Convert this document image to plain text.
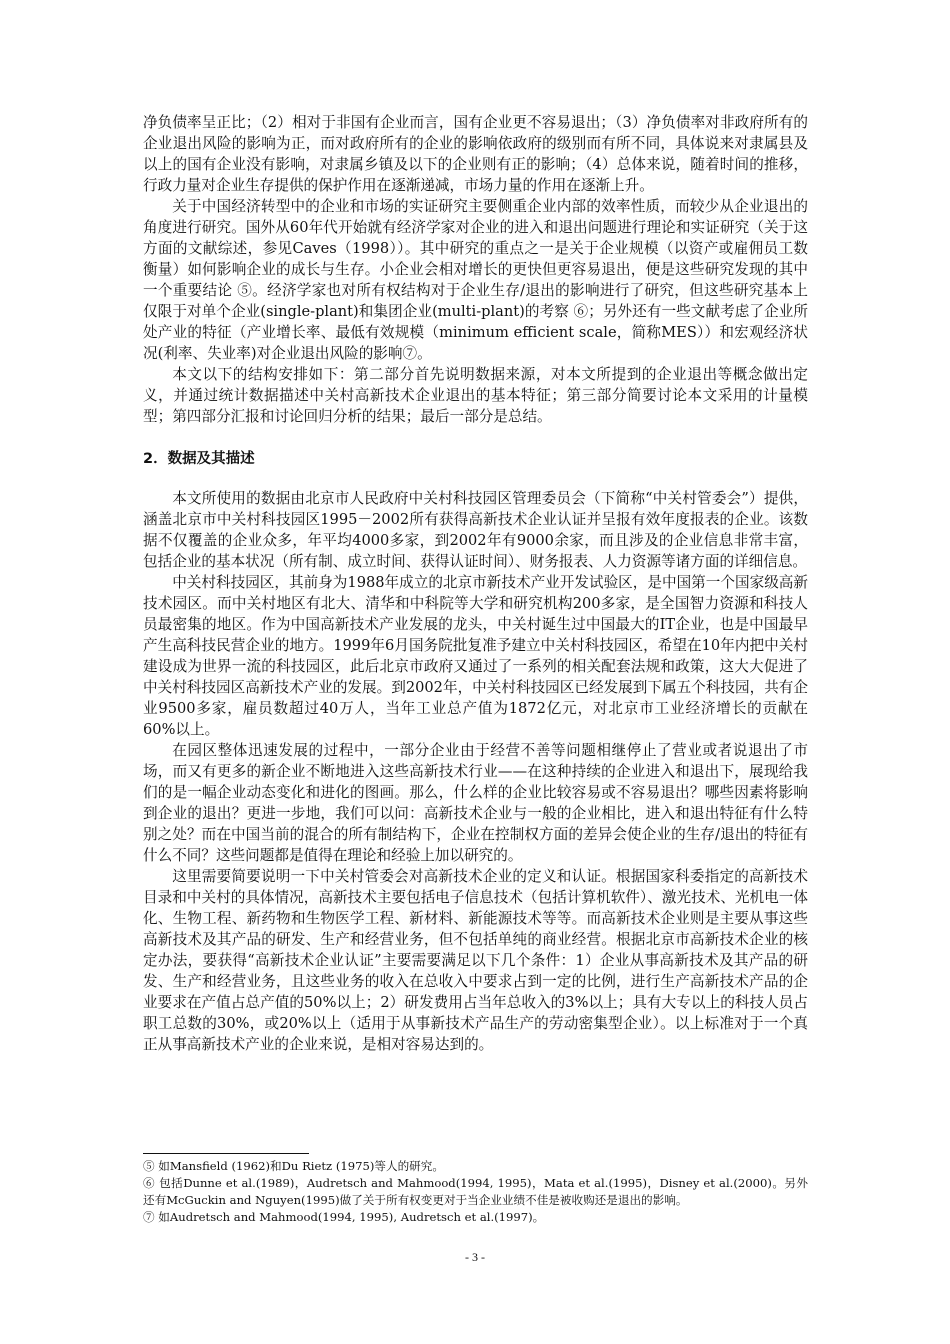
净负债率呈正比；（2）相对于非国有企业而言，国有企业更不容易退出；（3）净负债率对非政府所有的企业退出风险的影响为正，而对政府所有的企业的影响依政府的级别而有所不同，具体说来对隶属县及以上的国有企业没有影响，对隶属乡镇及以下的企业则有正的影响；（4）总体来说，随着时间的推移，行政力量对企业生存提供的保护作用在逐渐递减，市场力量的作用在逐渐上升。

关于中国经济转型中的企业和市场的实证研究主要侧重企业内部的效率性质，而较少从企业退出的角度进行研究。国外从60年代开始就有经济学家对企业的进入和退出问题进行理论和实证研究（关于这方面的文献综述，参见Caves（1998））。其中研究的重点之一是关于企业规模（以资产或雇佣员工数衡量）如何影响企业的成长与生存。小企业会相对增长的更快但更容易退出，便是这些研究发现的其中一个重要结论 ⑤。经济学家也对所有权结构对于企业生存/退出的影响进行了研究，但这些研究基本上仅限于对单个企业(single-plant)和集团企业(multi-plant)的考察 ⑥；另外还有一些文献考虑了企业所处产业的特征（产业增长率、最低有效规模（minimum efficient scale，简称MES））和宏观经济状况(利率、失业率)对企业退出风险的影响⑦。

本文以下的结构安排如下：第二部分首先说明数据来源，对本文所提到的企业退出等概念做出定义，并通过统计数据描述中关村高新技术企业退出的基本特征；第三部分简要讨论本文采用的计量模型；第四部分汇报和讨论回归分析的结果；最后一部分是总结。

2．数据及其描述

本文所使用的数据由北京市人民政府中关村科技园区管理委员会（下简称“中关村管委会”）提供，涵盖北京市中关村科技园区1995－2002所有获得高新技术企业认证并呈报有效年度报表的企业。该数据不仅覆盖的企业众多，年平均4000多家，到2002年有9000余家，而且涉及的企业信息非常丰富，包括企业的基本状况（所有制、成立时间、获得认证时间）、财务报表、人力资源等诸方面的详细信息。

中关村科技园区，其前身为1988年成立的北京市新技术产业开发试验区，是中国第一个国家级高新技术园区。而中关村地区有北大、清华和中科院等大学和研究机构200多家，是全国智力资源和科技人员最密集的地区。作为中国高新技术产业发展的龙头，中关村诞生过中国最大的IT企业，也是中国最早产生高科技民营企业的地方。1999年6月国务院批复准予建立中关村科技园区，希望在10年内把中关村建设成为世界一流的科技园区，此后北京市政府又通过了一系列的相关配套法规和政策，这大大促进了中关村科技园区高新技术产业的发展。到2002年，中关村科技园区已经发展到下属五个科技园，共有企业9500多家，雇员数超过40万人，当年工业总产值为1872亿元，对北京市工业经济增长的贡献在60%以上。

在园区整体迅速发展的过程中，一部分企业由于经营不善等问题相继停止了营业或者说退出了市场，而又有更多的新企业不断地进入这些高新技术行业——在这种持续的企业进入和退出下，展现给我们的是一幅企业动态变化和进化的图画。那么，什么样的企业比较容易或不容易退出？哪些因素将影响到企业的退出？更进一步地，我们可以问：高新技术企业与一般的企业相比，进入和退出特征有什么特别之处？而在中国当前的混合的所有制结构下，企业在控制权方面的差异会使企业的生存/退出的特征有什么不同？这些问题都是值得在理论和经验上加以研究的。

这里需要简要说明一下中关村管委会对高新技术企业的定义和认证。根据国家科委指定的高新技术目录和中关村的具体情况，高新技术主要包括电子信息技术（包括计算机软件）、激光技术、光机电一体化、生物工程、新药物和生物医学工程、新材料、新能源技术等等。而高新技术企业则是主要从事这些高新技术及其产品的研发、生产和经营业务，但不包括单纯的商业经营。根据北京市高新技术企业的核定办法，要获得“高新技术企业认证”主要需要满足以下几个条件：1）企业从事高新技术及其产品的研发、生产和经营业务，且这些业务的收入在总收入中要求占到一定的比例，进行生产高新技术产品的企业要求在产值占总产值的50%以上；2）研发费用占当年总收入的3%以上；具有大专以上的科技人员占职工总数的30%，或20%以上（适用于从事新技术产品生产的劳动密集型企业）。以上标准对于一个真正从事高新技术产业的企业来说，是相对容易达到的。

⑤ 如Mansfield (1962)和Du Rietz (1975)等人的研究。

⑥ 包括Dunne et al.(1989)，Audretsch and Mahmood(1994, 1995)，Mata et al.(1995)，Disney et al.(2000)。另外还有McGuckin and Nguyen(1995)做了关于所有权变更对于当企业业绩不佳是被收购还是退出的影响。

⑦ 如Audretsch and Mahmood(1994, 1995), Audretsch et al.(1997)。

- 3 -
